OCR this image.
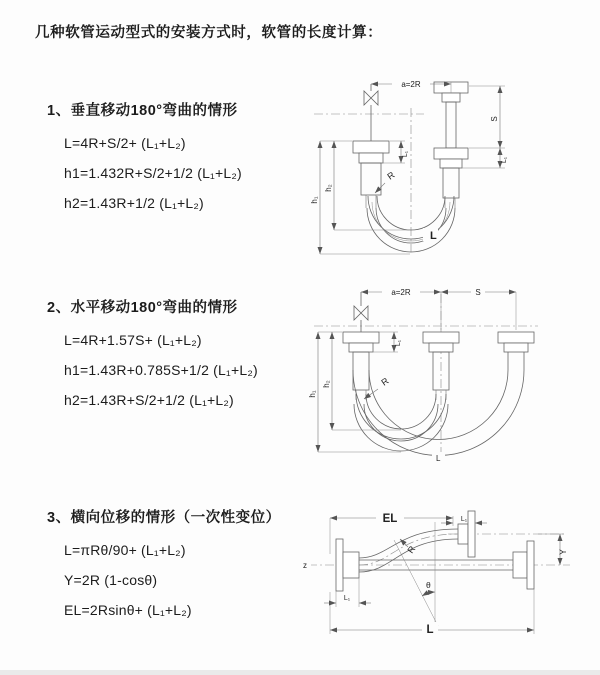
几种软管运动型式的安装方式时，软管的长度计算：
1、垂直移动180°弯曲的情形
L=4R+S/2+ (L₁+L₂)
h1=1.432R+S/2+1/2 (L₁+L₂)
h2=1.43R+1/2 (L₁+L₂)
2、水平移动180°弯曲的情形
L=4R+1.57S+ (L₁+L₂)
h1=1.43R+0.785S+1/2 (L₁+L₂)
h2=1.43R+S/2+1/2 (L₁+L₂)
3、横向位移的情形（一次性变位）
L=πRθ/90+ (L₁+L₂)
Y=2R (1-cosθ)
EL=2Rsinθ+ (L₁+L₂)
a=2R
h₁
h₂
L₁
S
L₁
R
L
a=2R	S
h₁
h₂
L₁
R
L
z
EL	L₁
Y
θ
R
L
L₁
